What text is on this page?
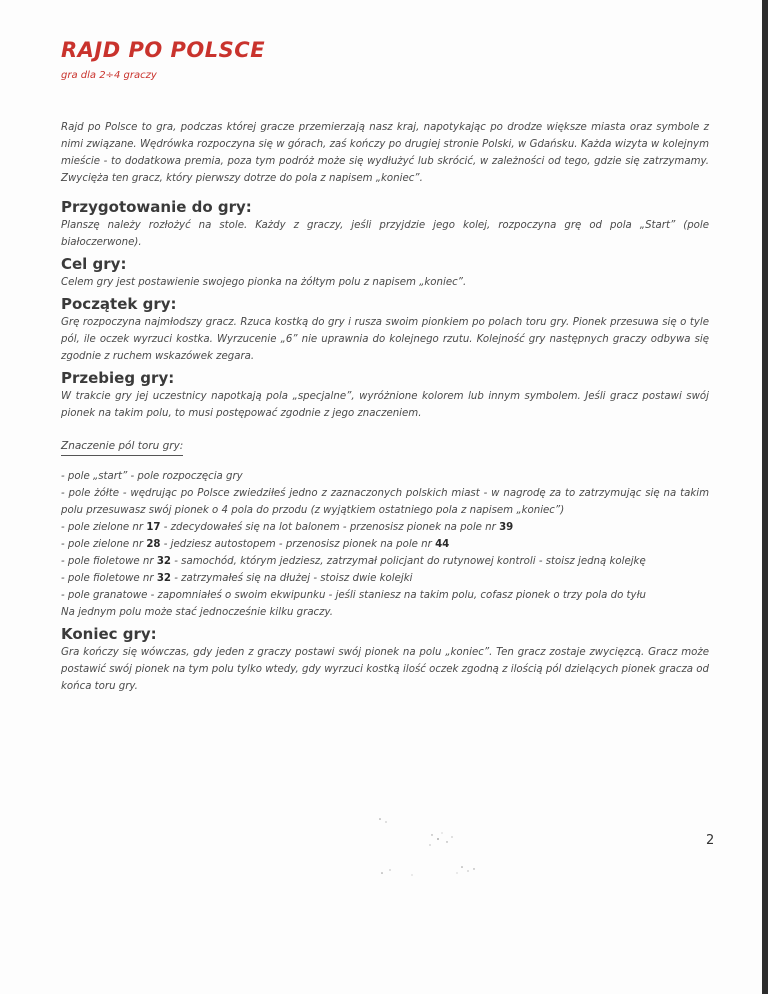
RAJD PO POLSCE

gra dla 2÷4 graczy

Rajd po Polsce to gra, podczas której gracze przemierzają nasz kraj, napotykając po drodze większe miasta oraz symbole z nimi związane. Wędrówka rozpoczyna się w górach, zaś kończy po drugiej stronie Polski, w Gdańsku. Każda wizyta w kolejnym mieście - to dodatkowa premia, poza tym podróż może się wydłużyć lub skrócić, w zależności od tego, gdzie się zatrzymamy. Zwycięża ten gracz, który pierwszy dotrze do pola z napisem „koniec”.

Przygotowanie do gry:

Planszę należy rozłożyć na stole. Każdy z graczy, jeśli przyjdzie jego kolej, rozpoczyna grę od pola „Start” (pole białoczerwone).

Cel gry:

Celem gry jest postawienie swojego pionka na żółtym polu z napisem „koniec”.

Początek gry:

Grę rozpoczyna najmłodszy gracz. Rzuca kostką do gry i rusza swoim pionkiem po polach toru gry. Pionek przesuwa się o tyle pól, ile oczek wyrzuci kostka. Wyrzucenie „6” nie uprawnia do kolejnego rzutu. Kolejność gry następnych graczy odbywa się zgodnie z ruchem wskazówek zegara.

Przebieg gry:

W trakcie gry jej uczestnicy napotkają pola „specjalne”, wyróżnione kolorem lub innym symbolem. Jeśli gracz postawi swój pionek na takim polu, to musi postępować zgodnie z jego znaczeniem.

Znaczenie pól toru gry:
- pole „start” - pole rozpoczęcia gry
- pole żółte - wędrując po Polsce zwiedziłeś jedno z zaznaczonych polskich miast - w nagrodę za to zatrzymując się na takim polu przesuwasz swój pionek o 4 pola do przodu (z wyjątkiem ostatniego pola z napisem „koniec”)
- pole zielone nr 17 - zdecydowałeś się na lot balonem - przenosisz pionek na pole nr 39
- pole zielone nr 28 - jedziesz autostopem - przenosisz pionek na pole nr 44
- pole fioletowe nr 32 - samochód, którym jedziesz, zatrzymał policjant do rutynowej kontroli - stoisz jedną kolejkę
- pole fioletowe nr 32 - zatrzymałeś się na dłużej - stoisz dwie kolejki
- pole granatowe - zapomniałeś o swoim ekwipunku - jeśli staniesz na takim polu, cofasz pionek o trzy pola do tyłu
Na jednym polu może stać jednocześnie kilku graczy.
Koniec gry:

Gra kończy się wówczas, gdy jeden z graczy postawi swój pionek na polu „koniec”. Ten gracz zostaje zwycięzcą. Gracz może postawić swój pionek na tym polu tylko wtedy, gdy wyrzuci kostką ilość oczek zgodną z ilością pól dzielących pionek gracza od końca toru gry.

2
